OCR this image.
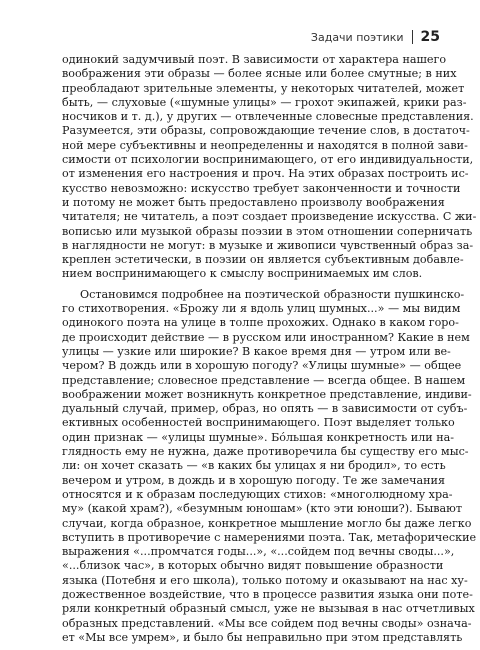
Задачи поэтики 25
одинокий задумчивый поэт. В зависимости от характера нашего
воображения эти образы — более ясные или более смутные; в них
преобладают зрительные элементы, у некоторых читателей, может
быть, — слуховые («шумные улицы» — грохот экипажей, крики раз-
носчиков и т. д.), у других — отвлеченные словесные представления.
Разумеется, эти образы, сопровождающие течение слов, в достаточ-
ной мере субъективны и неопределенны и находятся в полной зави-
симости от психологии воспринимающего, от его индивидуальности,
от изменения его настроения и проч. На этих образах построить ис-
кусство невозможно: искусство требует законченности и точности
и потому не может быть предоставлено произволу воображения
читателя; не читатель, а поэт создает произведение искусства. С жи-
вописью или музыкой образы поэзии в этом отношении соперничать
в наглядности не могут: в музыке и живописи чувственный образ за-
креплен эстетически, в поэзии он является субъективным добавле-
нием воспринимающего к смыслу воспринимаемых им слов.
Остановимся подробнее на поэтической образности пушкинско-
го стихотворения. «Брожу ли я вдоль улиц шумных...» — мы видим
одинокого поэта на улице в толпе прохожих. Однако в каком горо-
де происходит действие — в русском или иностранном? Какие в нем
улицы — узкие или широкие? В какое время дня — утром или ве-
чером? В дождь или в хорошую погоду? «Улицы шумные» — общее
представление; словесное представление — всегда общее. В нашем
воображении может возникнуть конкретное представление, индиви-
дуальный случай, пример, образ, но опять — в зависимости от субъ-
ективных особенностей воспринимающего. Поэт выделяет только
один признак — «улицы шумные». Бо́льшая конкретность или на-
глядность ему не нужна, даже противоречила бы существу его мыс-
ли: он хочет сказать — «в каких бы улицах я ни бродил», то есть
вечером и утром, в дождь и в хорошую погоду. Те же замечания
относятся и к образам последующих стихов: «многолюдному хра-
му» (какой храм?), «безумным юношам» (кто эти юноши?). Бывают
случаи, когда образное, конкретное мышление могло бы даже легко
вступить в противоречие с намерениями поэта. Так, метафорические
выражения «...промчатся годы...», «...сойдем под вечны своды...»,
«...близок час», в которых обычно видят повышение образности
языка (Потебня и его школа), только потому и оказывают на нас ху-
дожественное воздействие, что в процессе развития языка они поте-
ряли конкретный образный смысл, уже не вызывая в нас отчетливых
образных представлений. «Мы все сойдем под вечны своды» означа-
ет «Мы все умрем», и было бы неправильно при этом представлять
